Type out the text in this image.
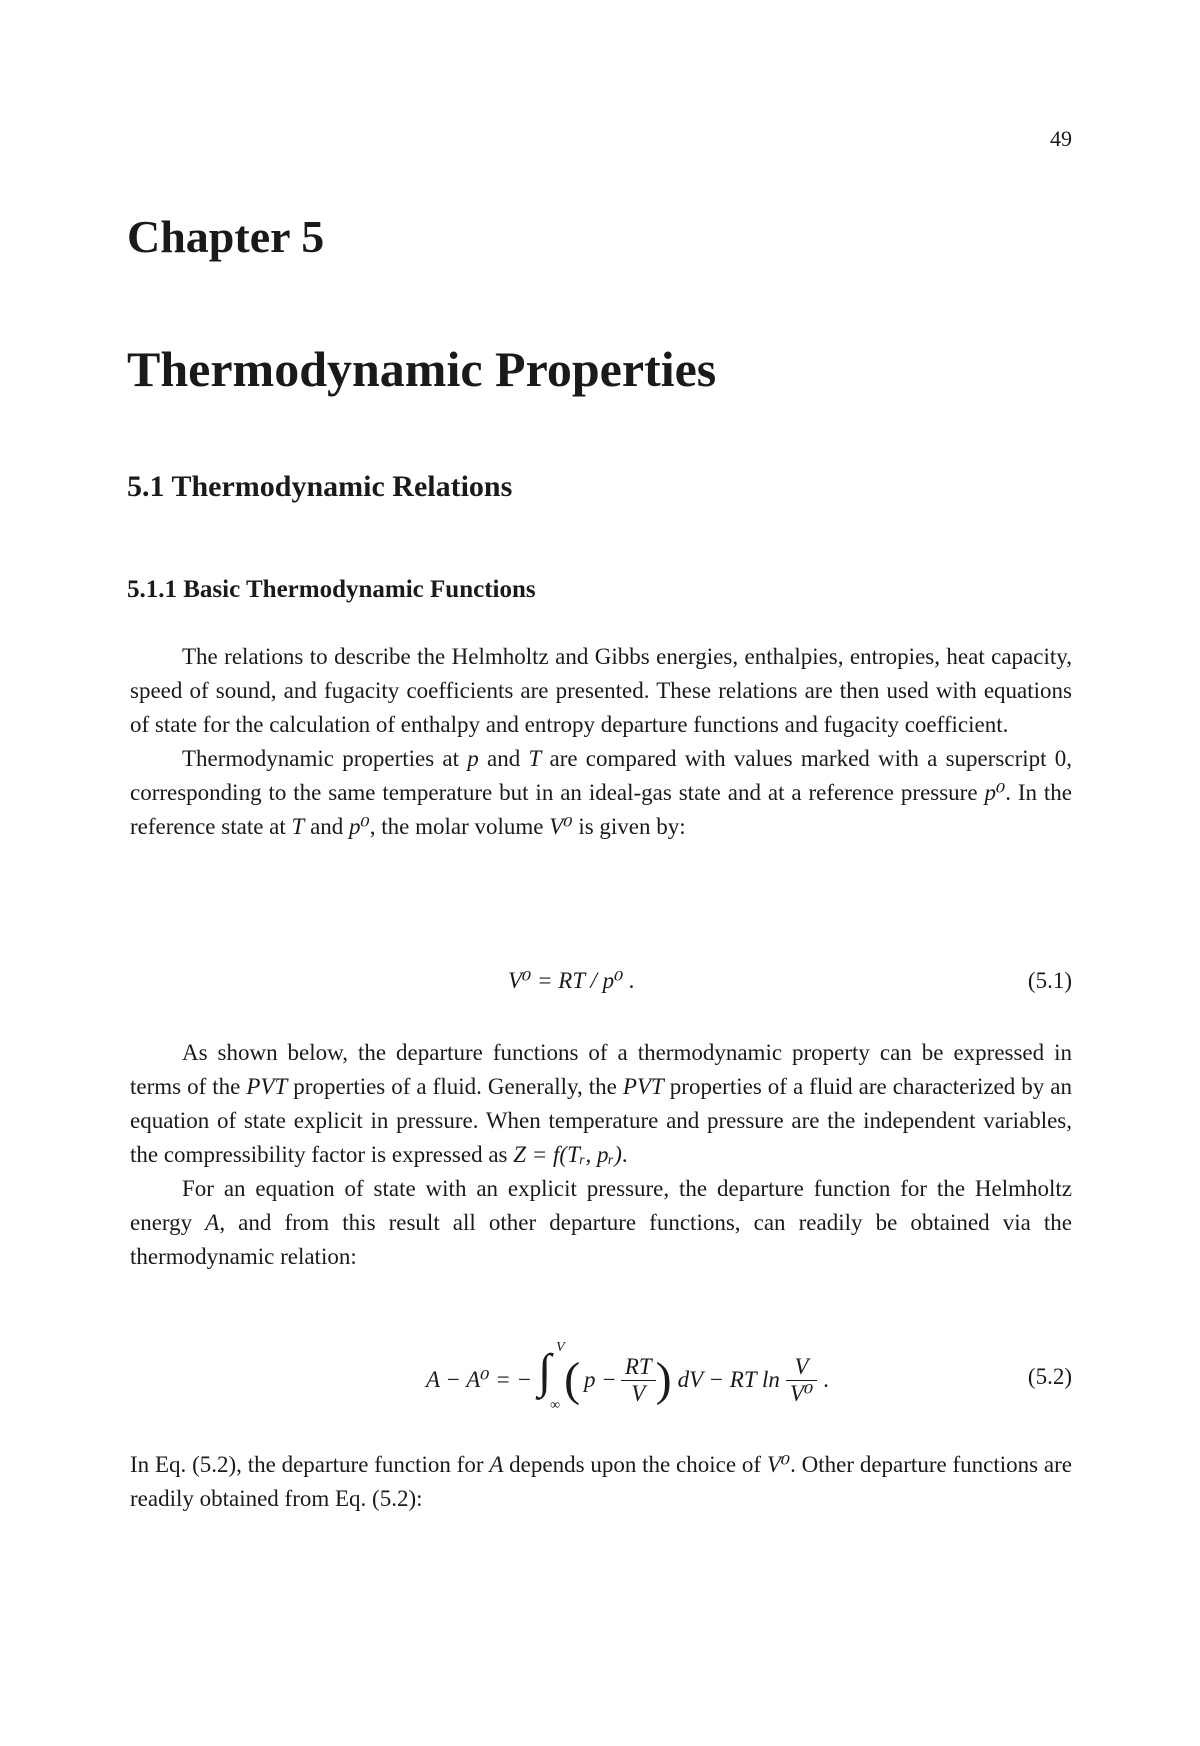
49
Chapter 5
Thermodynamic Properties
5.1 Thermodynamic Relations
5.1.1 Basic Thermodynamic Functions

The relations to describe the Helmholtz and Gibbs energies, enthalpies, entropies, heat capacity, speed of sound, and fugacity coefficients are presented. These relations are then used with equations of state for the calculation of enthalpy and entropy departure functions and fugacity coefficient.

Thermodynamic properties at p and T are compared with values marked with a superscript 0, corresponding to the same temperature but in an ideal-gas state and at a reference pressure p⁰. In the reference state at T and p⁰, the molar volume V⁰ is given by:

V⁰ = RT / p⁰ .	(5.1)

As shown below, the departure functions of a thermodynamic property can be expressed in terms of the PVT properties of a fluid. Generally, the PVT properties of a fluid are characterized by an equation of state explicit in pressure. When temperature and pressure are the independent variables, the compressibility factor is expressed as Z = f(Tᵣ, pᵣ).

For an equation of state with an explicit pressure, the departure function for the Helmholtz energy A, and from this result all other departure functions, can readily be obtained via the thermodynamic relation:

A − A⁰ = − ∫ V
∞ ( $p - \frac{RT}{V}$ ) dV − RT $\ln \frac{V}{\text{V⁰}}$ .	(5.2)

In Eq. (5.2), the departure function for A depends upon the choice of V⁰. Other departure functions are readily obtained from Eq. (5.2):
